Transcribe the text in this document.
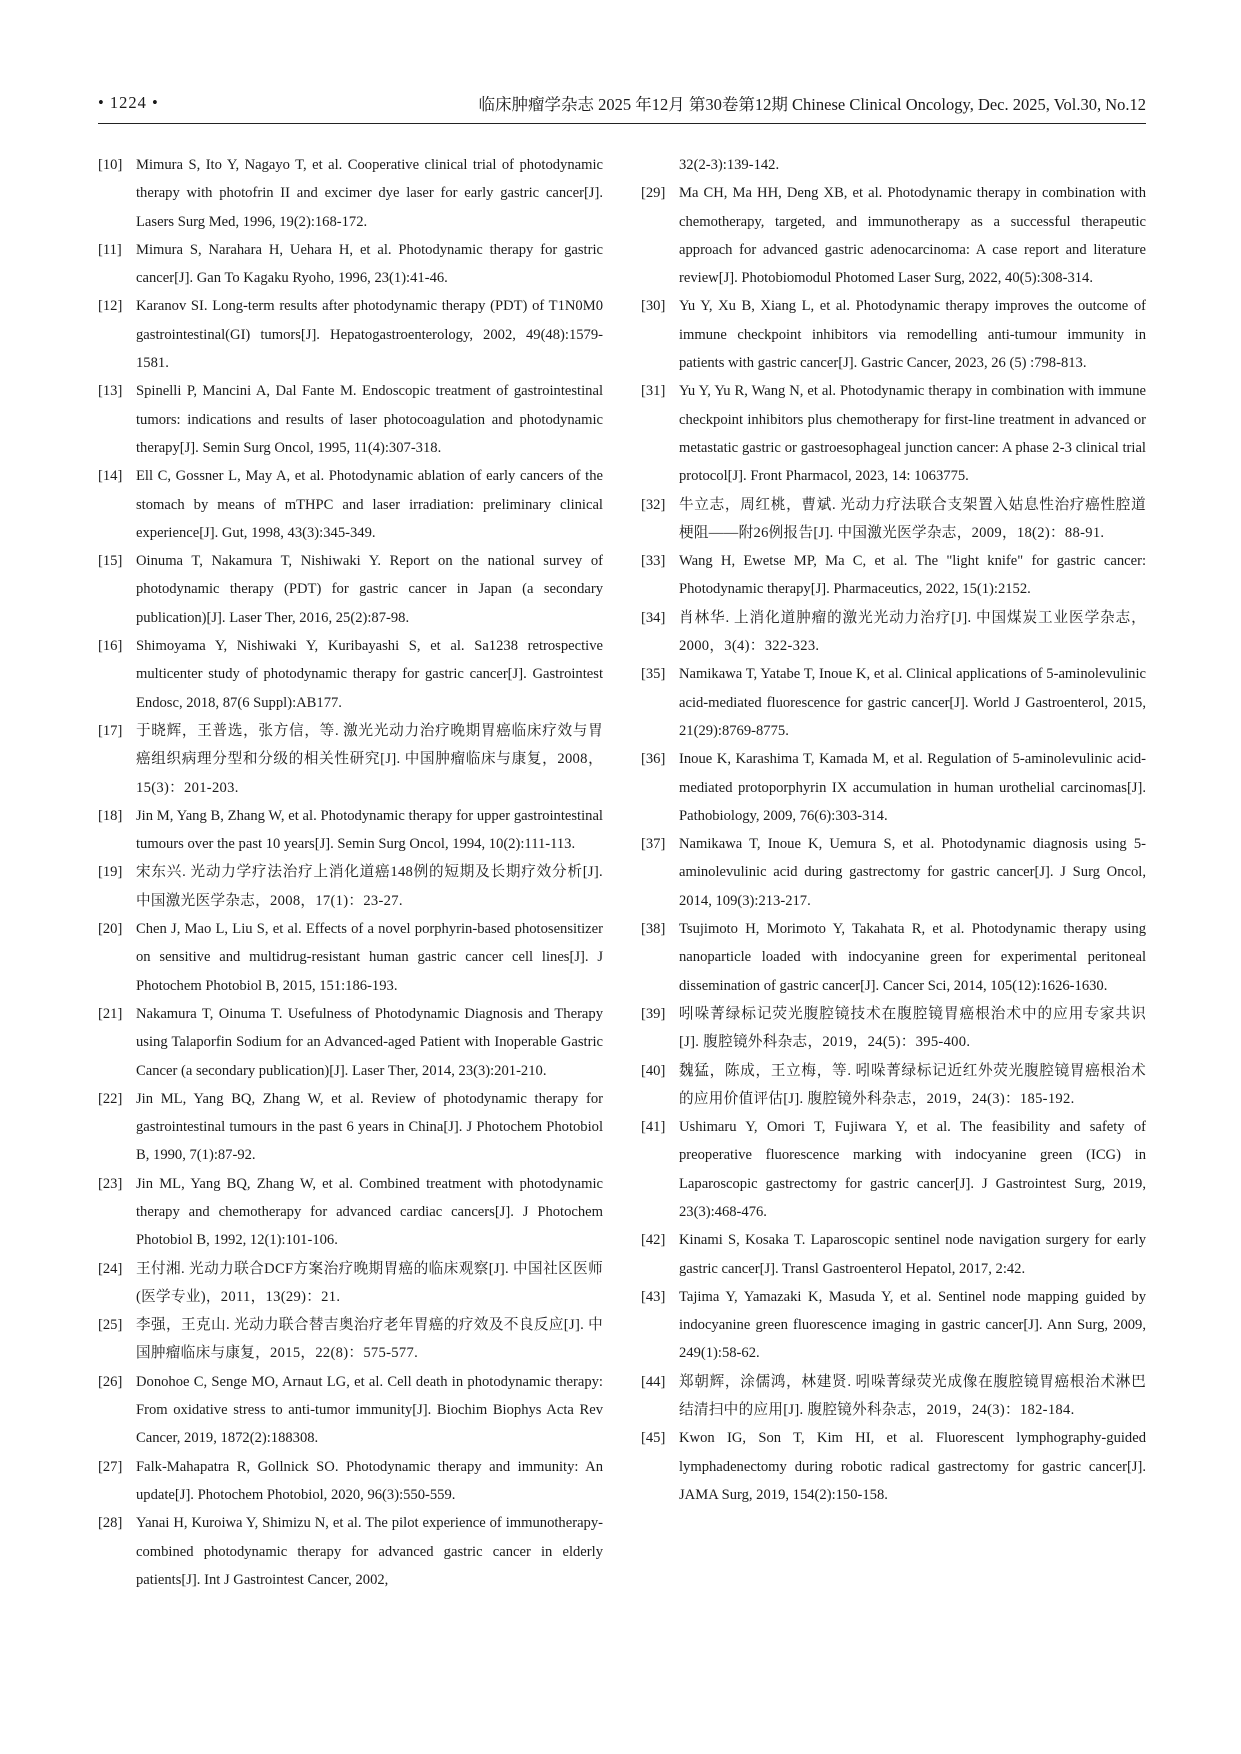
• 1224 •	临床肿瘤学杂志 2025 年12月 第30卷第12期 Chinese Clinical Oncology, Dec. 2025, Vol.30, No.12
[10] Mimura S, Ito Y, Nagayo T, et al. Cooperative clinical trial of photodynamic therapy with photofrin II and excimer dye laser for early gastric cancer[J]. Lasers Surg Med, 1996, 19(2):168-172.
[11] Mimura S, Narahara H, Uehara H, et al. Photodynamic therapy for gastric cancer[J]. Gan To Kagaku Ryoho, 1996, 23(1):41-46.
[12] Karanov SI. Long-term results after photodynamic therapy (PDT) of T1N0M0 gastrointestinal(GI) tumors[J]. Hepatogastroenterology, 2002, 49(48):1579-1581.
[13] Spinelli P, Mancini A, Dal Fante M. Endoscopic treatment of gastrointestinal tumors: indications and results of laser photocoagulation and photodynamic therapy[J]. Semin Surg Oncol, 1995, 11(4):307-318.
[14] Ell C, Gossner L, May A, et al. Photodynamic ablation of early cancers of the stomach by means of mTHPC and laser irradiation: preliminary clinical experience[J]. Gut, 1998, 43(3):345-349.
[15] Oinuma T, Nakamura T, Nishiwaki Y. Report on the national survey of photodynamic therapy (PDT) for gastric cancer in Japan (a secondary publication)[J]. Laser Ther, 2016, 25(2):87-98.
[16] Shimoyama Y, Nishiwaki Y, Kuribayashi S, et al. Sa1238 retrospective multicenter study of photodynamic therapy for gastric cancer[J]. Gastrointest Endosc, 2018, 87(6 Suppl):AB177.
[17] 于晓辉，王普选，张方信，等. 激光光动力治疗晚期胃癌临床疗效与胃癌组织病理分型和分级的相关性研究[J]. 中国肿瘤临床与康复，2008，15(3)：201-203.
[18] Jin M, Yang B, Zhang W, et al. Photodynamic therapy for upper gastrointestinal tumours over the past 10 years[J]. Semin Surg Oncol, 1994, 10(2):111-113.
[19] 宋东兴. 光动力学疗法治疗上消化道癌148例的短期及长期疗效分析[J]. 中国激光医学杂志，2008，17(1)：23-27.
[20] Chen J, Mao L, Liu S, et al. Effects of a novel porphyrin-based photosensitizer on sensitive and multidrug-resistant human gastric cancer cell lines[J]. J Photochem Photobiol B, 2015, 151:186-193.
[21] Nakamura T, Oinuma T. Usefulness of Photodynamic Diagnosis and Therapy using Talaporfin Sodium for an Advanced-aged Patient with Inoperable Gastric Cancer (a secondary publication)[J]. Laser Ther, 2014, 23(3):201-210.
[22] Jin ML, Yang BQ, Zhang W, et al. Review of photodynamic therapy for gastrointestinal tumours in the past 6 years in China[J]. J Photochem Photobiol B, 1990, 7(1):87-92.
[23] Jin ML, Yang BQ, Zhang W, et al. Combined treatment with photodynamic therapy and chemotherapy for advanced cardiac cancers[J]. J Photochem Photobiol B, 1992, 12(1):101-106.
[24] 王付湘. 光动力联合DCF方案治疗晚期胃癌的临床观察[J]. 中国社区医师(医学专业)，2011，13(29)：21.
[25] 李强，王克山. 光动力联合替吉奥治疗老年胃癌的疗效及不良反应[J]. 中国肿瘤临床与康复，2015，22(8)：575-577.
[26] Donohoe C, Senge MO, Arnaut LG, et al. Cell death in photodynamic therapy: From oxidative stress to anti-tumor immunity[J]. Biochim Biophys Acta Rev Cancer, 2019, 1872(2):188308.
[27] Falk-Mahapatra R, Gollnick SO. Photodynamic therapy and immunity: An update[J]. Photochem Photobiol, 2020, 96(3):550-559.
[28] Yanai H, Kuroiwa Y, Shimizu N, et al. The pilot experience of immunotherapy-combined photodynamic therapy for advanced gastric cancer in elderly patients[J]. Int J Gastrointest Cancer, 2002,
32(2-3):139-142.
[29] Ma CH, Ma HH, Deng XB, et al. Photodynamic therapy in combination with chemotherapy, targeted, and immunotherapy as a successful therapeutic approach for advanced gastric adenocarcinoma: A case report and literature review[J]. Photobiomodul Photomed Laser Surg, 2022, 40(5):308-314.
[30] Yu Y, Xu B, Xiang L, et al. Photodynamic therapy improves the outcome of immune checkpoint inhibitors via remodelling anti-tumour immunity in patients with gastric cancer[J]. Gastric Cancer, 2023, 26 (5) :798-813.
[31] Yu Y, Yu R, Wang N, et al. Photodynamic therapy in combination with immune checkpoint inhibitors plus chemotherapy for first-line treatment in advanced or metastatic gastric or gastroesophageal junction cancer: A phase 2-3 clinical trial protocol[J]. Front Pharmacol, 2023, 14: 1063775.
[32] 牛立志，周红桃，曹斌. 光动力疗法联合支架置入姑息性治疗癌性腔道梗阻——附26例报告[J]. 中国激光医学杂志，2009，18(2)：88-91.
[33] Wang H, Ewetse MP, Ma C, et al. The "light knife" for gastric cancer: Photodynamic therapy[J]. Pharmaceutics, 2022, 15(1):2152.
[34] 肖林华. 上消化道肿瘤的激光光动力治疗[J]. 中国煤炭工业医学杂志，2000，3(4)：322-323.
[35] Namikawa T, Yatabe T, Inoue K, et al. Clinical applications of 5-aminolevulinic acid-mediated fluorescence for gastric cancer[J]. World J Gastroenterol, 2015, 21(29):8769-8775.
[36] Inoue K, Karashima T, Kamada M, et al. Regulation of 5-aminolevulinic acid-mediated protoporphyrin IX accumulation in human urothelial carcinomas[J]. Pathobiology, 2009, 76(6):303-314.
[37] Namikawa T, Inoue K, Uemura S, et al. Photodynamic diagnosis using 5-aminolevulinic acid during gastrectomy for gastric cancer[J]. J Surg Oncol, 2014, 109(3):213-217.
[38] Tsujimoto H, Morimoto Y, Takahata R, et al. Photodynamic therapy using nanoparticle loaded with indocyanine green for experimental peritoneal dissemination of gastric cancer[J]. Cancer Sci, 2014, 105(12):1626-1630.
[39] 吲哚菁绿标记荧光腹腔镜技术在腹腔镜胃癌根治术中的应用专家共识[J]. 腹腔镜外科杂志，2019，24(5)：395-400.
[40] 魏猛，陈成，王立梅，等. 吲哚菁绿标记近红外荧光腹腔镜胃癌根治术的应用价值评估[J]. 腹腔镜外科杂志，2019，24(3)：185-192.
[41] Ushimaru Y, Omori T, Fujiwara Y, et al. The feasibility and safety of preoperative fluorescence marking with indocyanine green (ICG) in Laparoscopic gastrectomy for gastric cancer[J]. J Gastrointest Surg, 2019, 23(3):468-476.
[42] Kinami S, Kosaka T. Laparoscopic sentinel node navigation surgery for early gastric cancer[J]. Transl Gastroenterol Hepatol, 2017, 2:42.
[43] Tajima Y, Yamazaki K, Masuda Y, et al. Sentinel node mapping guided by indocyanine green fluorescence imaging in gastric cancer[J]. Ann Surg, 2009, 249(1):58-62.
[44] 郑朝辉，涂儒鸿，林建贤. 吲哚菁绿荧光成像在腹腔镜胃癌根治术淋巴结清扫中的应用[J]. 腹腔镜外科杂志，2019，24(3)：182-184.
[45] Kwon IG, Son T, Kim HI, et al. Fluorescent lymphography-guided lymphadenectomy during robotic radical gastrectomy for gastric cancer[J]. JAMA Surg, 2019, 154(2):150-158.
